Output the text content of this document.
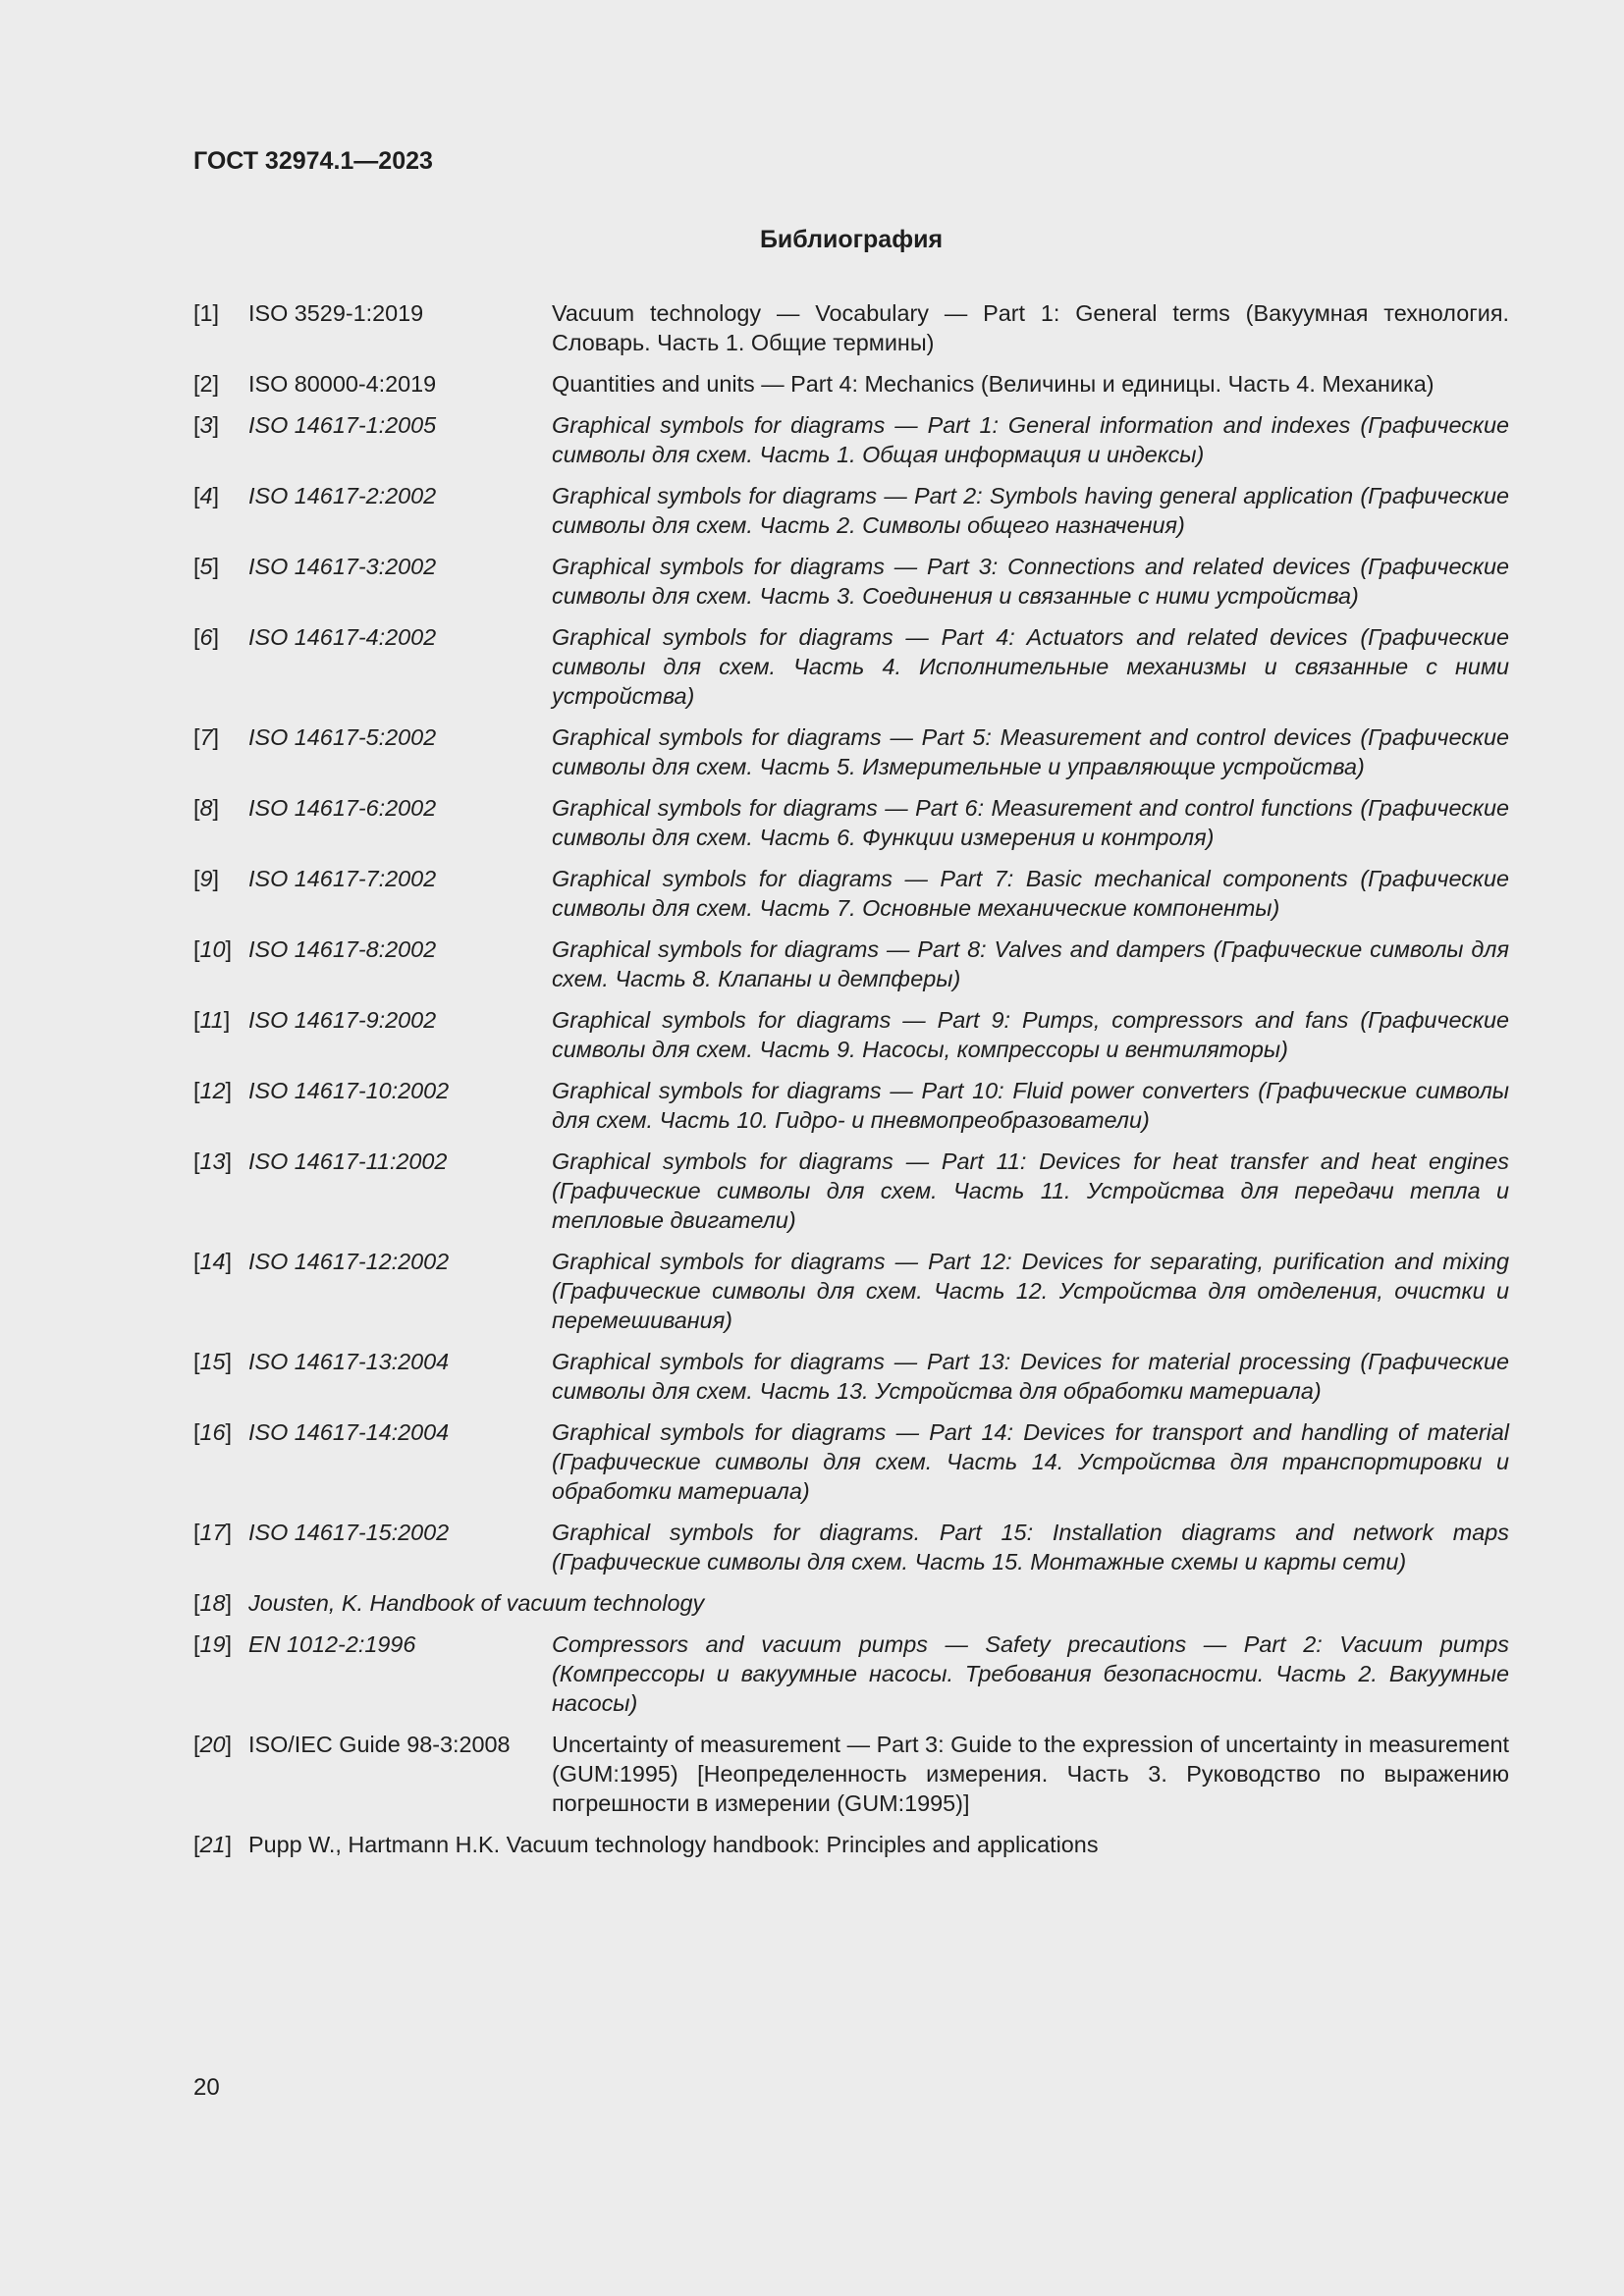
ГОСТ 32974.1—2023
Библиография
[1]	ISO 3529-1:2019	Vacuum technology — Vocabulary — Part 1: General terms (Вакуумная технология. Словарь. Часть 1. Общие термины)
[2]	ISO 80000-4:2019	Quantities and units — Part 4: Mechanics (Величины и единицы. Часть 4. Механика)
[3]	ISO 14617-1:2005	Graphical symbols for diagrams — Part 1: General information and indexes (Графические символы для схем. Часть 1. Общая информация и индексы)
[4]	ISO 14617-2:2002	Graphical symbols for diagrams — Part 2: Symbols having general application (Графические символы для схем. Часть 2. Символы общего назначения)
[5]	ISO 14617-3:2002	Graphical symbols for diagrams — Part 3: Connections and related devices (Графические символы для схем. Часть 3. Соединения и связанные с ними устройства)
[6]	ISO 14617-4:2002	Graphical symbols for diagrams — Part 4: Actuators and related devices (Графические символы для схем. Часть 4. Исполнительные механизмы и связанные с ними устройства)
[7]	ISO 14617-5:2002	Graphical symbols for diagrams — Part 5: Measurement and control devices (Графические символы для схем. Часть 5. Измерительные и управляющие устройства)
[8]	ISO 14617-6:2002	Graphical symbols for diagrams — Part 6: Measurement and control functions (Графические символы для схем. Часть 6. Функции измерения и контроля)
[9]	ISO 14617-7:2002	Graphical symbols for diagrams — Part 7: Basic mechanical components (Графические символы для схем. Часть 7. Основные механические компоненты)
[10] ISO 14617-8:2002	Graphical symbols for diagrams — Part 8: Valves and dampers (Графические символы для схем. Часть 8. Клапаны и демпферы)
[11] ISO 14617-9:2002	Graphical symbols for diagrams — Part 9: Pumps, compressors and fans (Графические символы для схем. Часть 9. Насосы, компрессоры и вентиляторы)
[12] ISO 14617-10:2002	Graphical symbols for diagrams — Part 10: Fluid power converters (Графические символы для схем. Часть 10. Гидро- и пневмопреобразователи)
[13] ISO 14617-11:2002	Graphical symbols for diagrams — Part 11: Devices for heat transfer and heat engines (Графические символы для схем. Часть 11. Устройства для передачи тепла и тепловые двигатели)
[14] ISO 14617-12:2002	Graphical symbols for diagrams — Part 12: Devices for separating, purification and mixing (Графические символы для схем. Часть 12. Устройства для отделения, очистки и перемешивания)
[15] ISO 14617-13:2004	Graphical symbols for diagrams — Part 13: Devices for material processing (Графические символы для схем. Часть 13. Устройства для обработки материала)
[16] ISO 14617-14:2004	Graphical symbols for diagrams — Part 14: Devices for transport and handling of material (Графические символы для схем. Часть 14. Устройства для транспортировки и обработки материала)
[17] ISO 14617-15:2002	Graphical symbols for diagrams. Part 15: Installation diagrams and network maps (Графические символы для схем. Часть 15. Монтажные схемы и карты сети)
[18] Jousten, K. Handbook of vacuum technology
[19] EN 1012-2:1996	Compressors and vacuum pumps — Safety precautions — Part 2: Vacuum pumps (Компрессоры и вакуумные насосы. Требования безопасности. Часть 2. Вакуумные насосы)
[20] ISO/IEC Guide 98-3:2008	Uncertainty of measurement — Part 3: Guide to the expression of uncertainty in measurement (GUM:1995) [Неопределенность измерения. Часть 3. Руководство по выражению погрешности в измерении (GUM:1995)]
[21] Pupp W., Hartmann H.K. Vacuum technology handbook: Principles and applications
20
